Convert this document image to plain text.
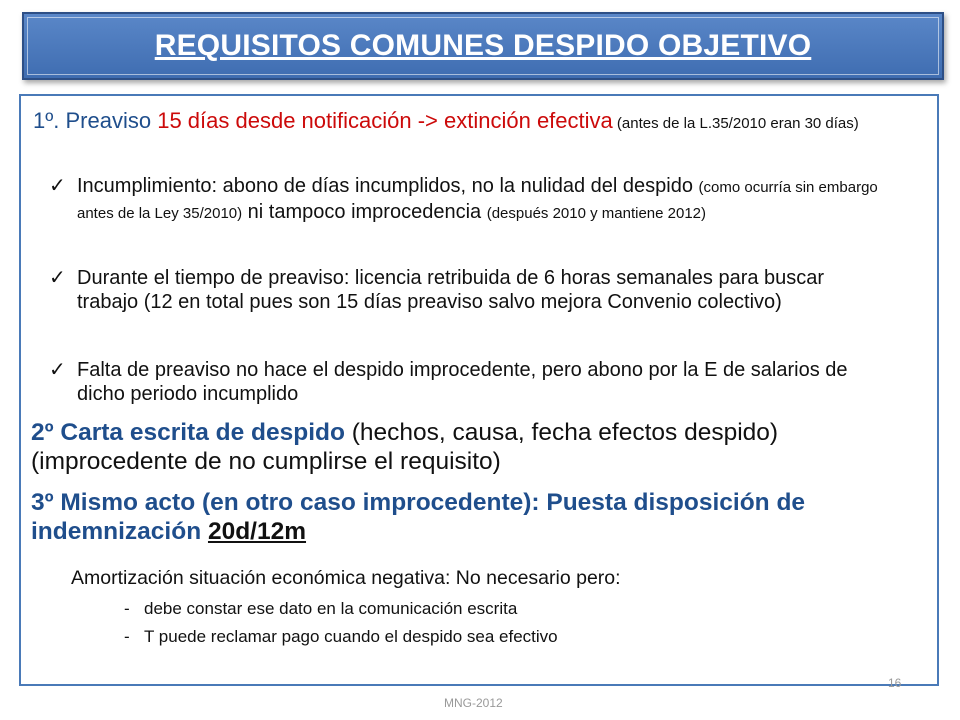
REQUISITOS COMUNES DESPIDO OBJETIVO
1º. Preaviso 15 días desde notificación -> extinción efectiva (antes de la L.35/2010 eran 30 días)
✓ Incumplimiento: abono de días incumplidos, no la nulidad del despido (como ocurría sin embargo antes de la Ley 35/2010) ni tampoco improcedencia (después 2010 y mantiene 2012)
✓ Durante el tiempo de preaviso: licencia retribuida de 6 horas semanales para buscar trabajo (12 en total pues son 15 días preaviso salvo mejora Convenio colectivo)
✓ Falta de preaviso no hace el despido improcedente, pero abono por la E de salarios de dicho periodo incumplido
2º Carta escrita de despido (hechos, causa, fecha efectos despido) (improcedente de no cumplirse el requisito)
3º Mismo acto (en otro caso improcedente): Puesta disposición de indemnización 20d/12m
Amortización situación económica negativa: No necesario pero:
- debe constar ese dato en la comunicación escrita
- T puede reclamar pago cuando el despido sea efectivo
16
MNG-2012
